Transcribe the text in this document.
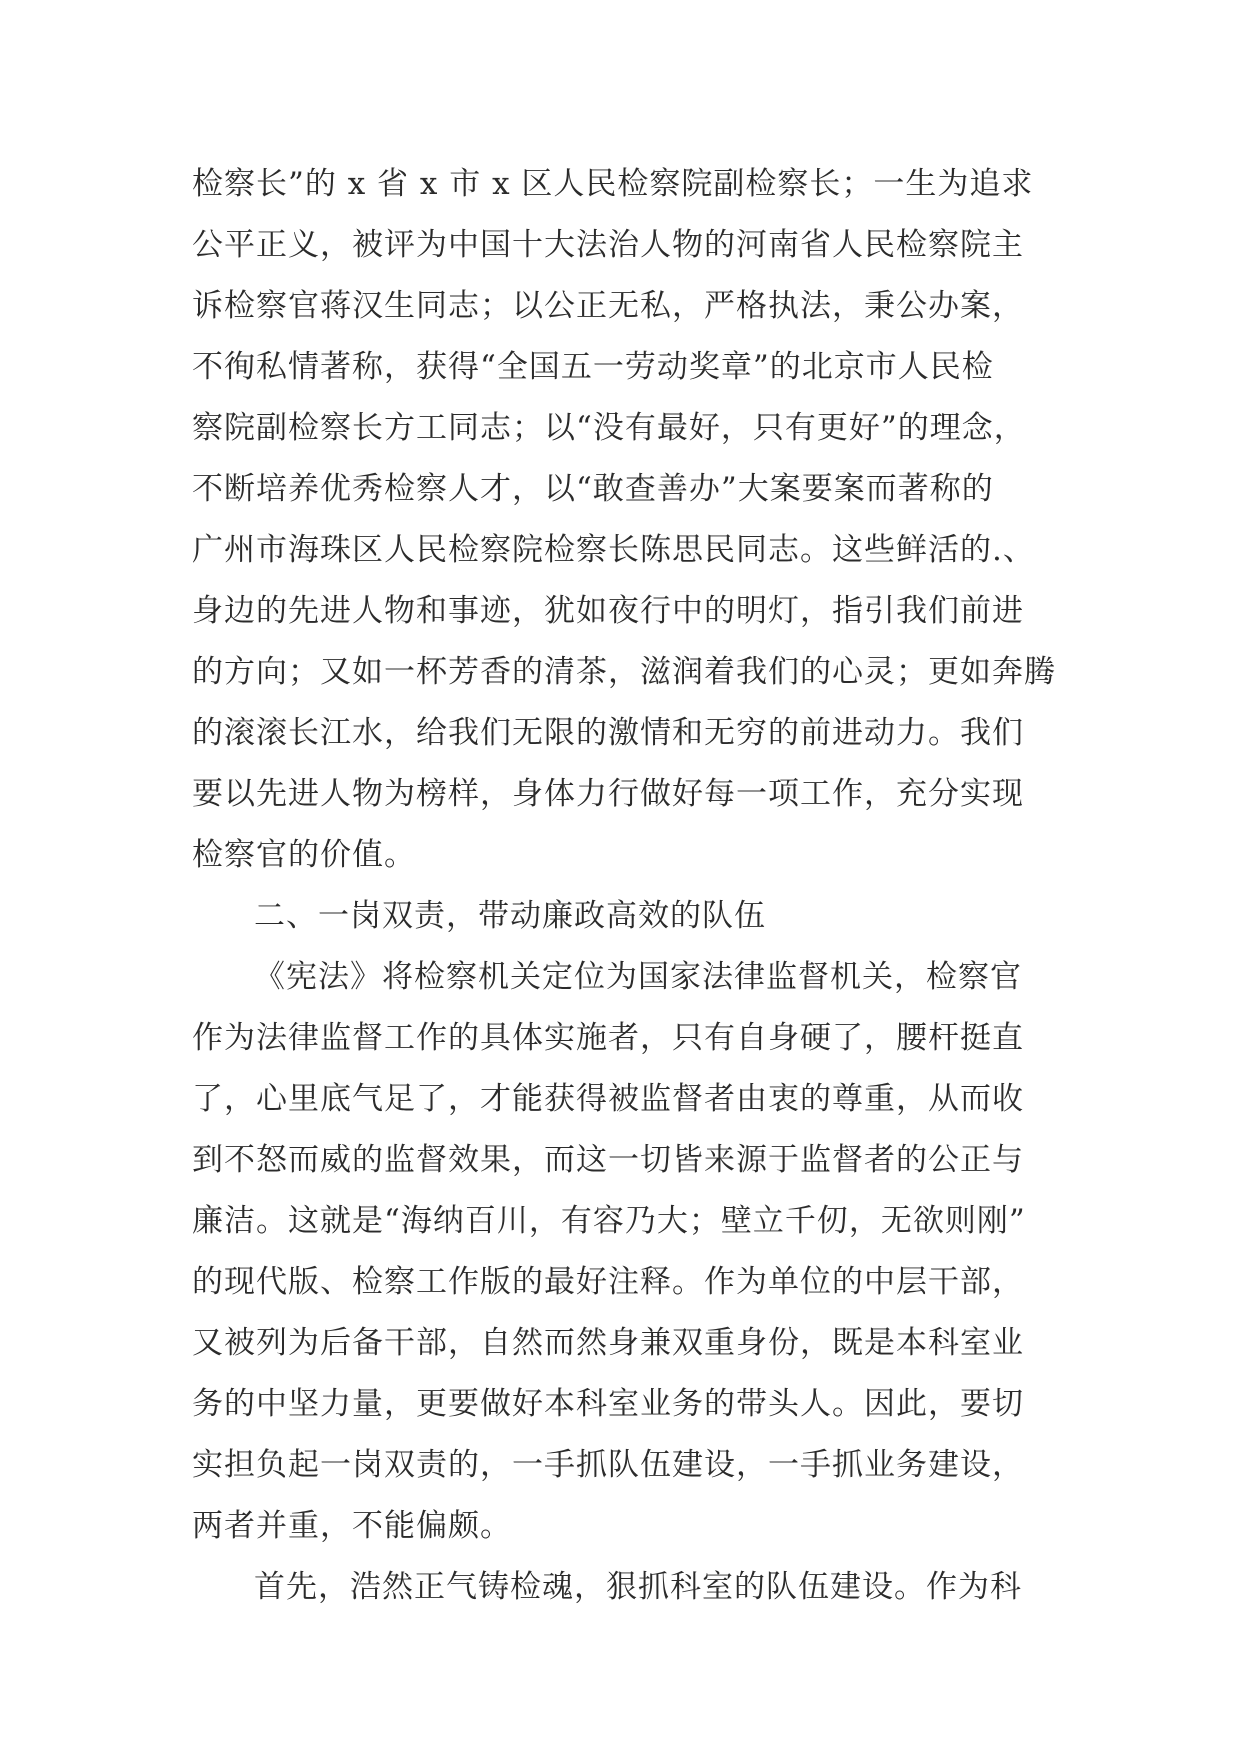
检察长”的 x 省 x 市 x 区人民检察院副检察长；一生为追求
公平正义，被评为中国十大法治人物的河南省人民检察院主
诉检察官蒋汉生同志；以公正无私，严格执法，秉公办案，
不徇私情著称，获得“全国五一劳动奖章”的北京市人民检
察院副检察长方工同志；以“没有最好，只有更好”的理念，
不断培养优秀检察人才，以“敢查善办”大案要案而著称的
广州市海珠区人民检察院检察长陈思民同志。这些鲜活的.、
身边的先进人物和事迹，犹如夜行中的明灯，指引我们前进
的方向；又如一杯芳香的清茶，滋润着我们的心灵；更如奔腾
的滚滚长江水，给我们无限的激情和无穷的前进动力。我们
要以先进人物为榜样，身体力行做好每一项工作，充分实现
检察官的价值。
二、一岗双责，带动廉政高效的队伍
《宪法》将检察机关定位为国家法律监督机关，检察官
作为法律监督工作的具体实施者，只有自身硬了，腰杆挺直
了，心里底气足了，才能获得被监督者由衷的尊重，从而收
到不怒而威的监督效果，而这一切皆来源于监督者的公正与
廉洁。这就是“海纳百川，有容乃大；壁立千仞，无欲则刚”
的现代版、检察工作版的最好注释。作为单位的中层干部，
又被列为后备干部，自然而然身兼双重身份，既是本科室业
务的中坚力量，更要做好本科室业务的带头人。因此，要切
实担负起一岗双责的，一手抓队伍建设，一手抓业务建设，
两者并重，不能偏颇。
首先，浩然正气铸检魂，狠抓科室的队伍建设。作为科
